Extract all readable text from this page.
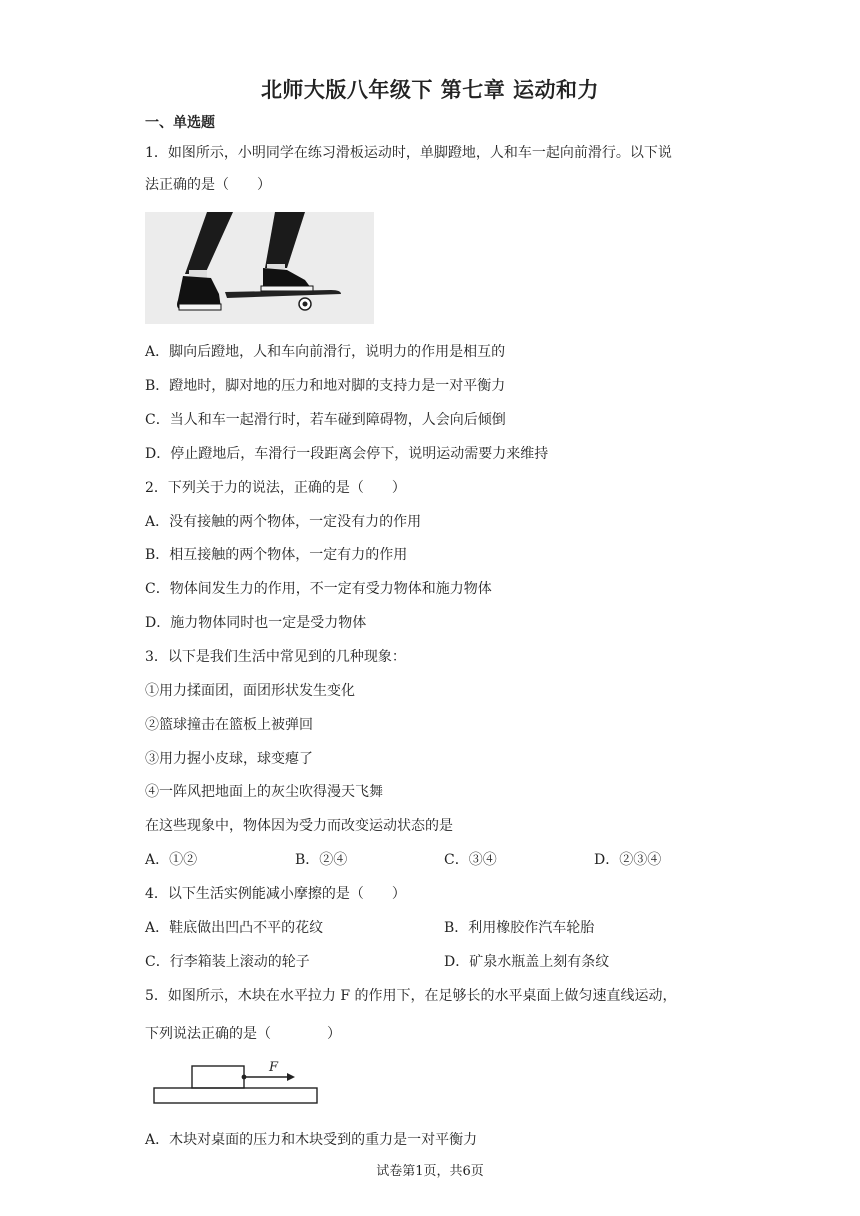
北师大版八年级下 第七章 运动和力
一、单选题
1．如图所示，小明同学在练习滑板运动时，单脚蹬地，人和车一起向前滑行。以下说
法正确的是（　　）
A．脚向后蹬地，人和车向前滑行，说明力的作用是相互的
B．蹬地时，脚对地的压力和地对脚的支持力是一对平衡力
C．当人和车一起滑行时，若车碰到障碍物，人会向后倾倒
D．停止蹬地后，车滑行一段距离会停下，说明运动需要力来维持
2．下列关于力的说法，正确的是（　　）
A．没有接触的两个物体，一定没有力的作用
B．相互接触的两个物体，一定有力的作用
C．物体间发生力的作用，不一定有受力物体和施力物体
D．施力物体同时也一定是受力物体
3．以下是我们生活中常见到的几种现象：
①用力揉面团，面团形状发生变化
②篮球撞击在篮板上被弹回
③用力握小皮球，球变瘪了
④一阵风把地面上的灰尘吹得漫天飞舞
在这些现象中，物体因为受力而改变运动状态的是
A．①②	B．②④	C．③④	D．②③④
4．以下生活实例能减小摩擦的是（　　）
A．鞋底做出凹凸不平的花纹	B．利用橡胶作汽车轮胎
C．行李箱装上滚动的轮子	D．矿泉水瓶盖上刻有条纹
5．如图所示，木块在水平拉力 F 的作用下，在足够长的水平桌面上做匀速直线运动，
下列说法正确的是（　　　　）
F
A．木块对桌面的压力和木块受到的重力是一对平衡力
试卷第1页，共6页
